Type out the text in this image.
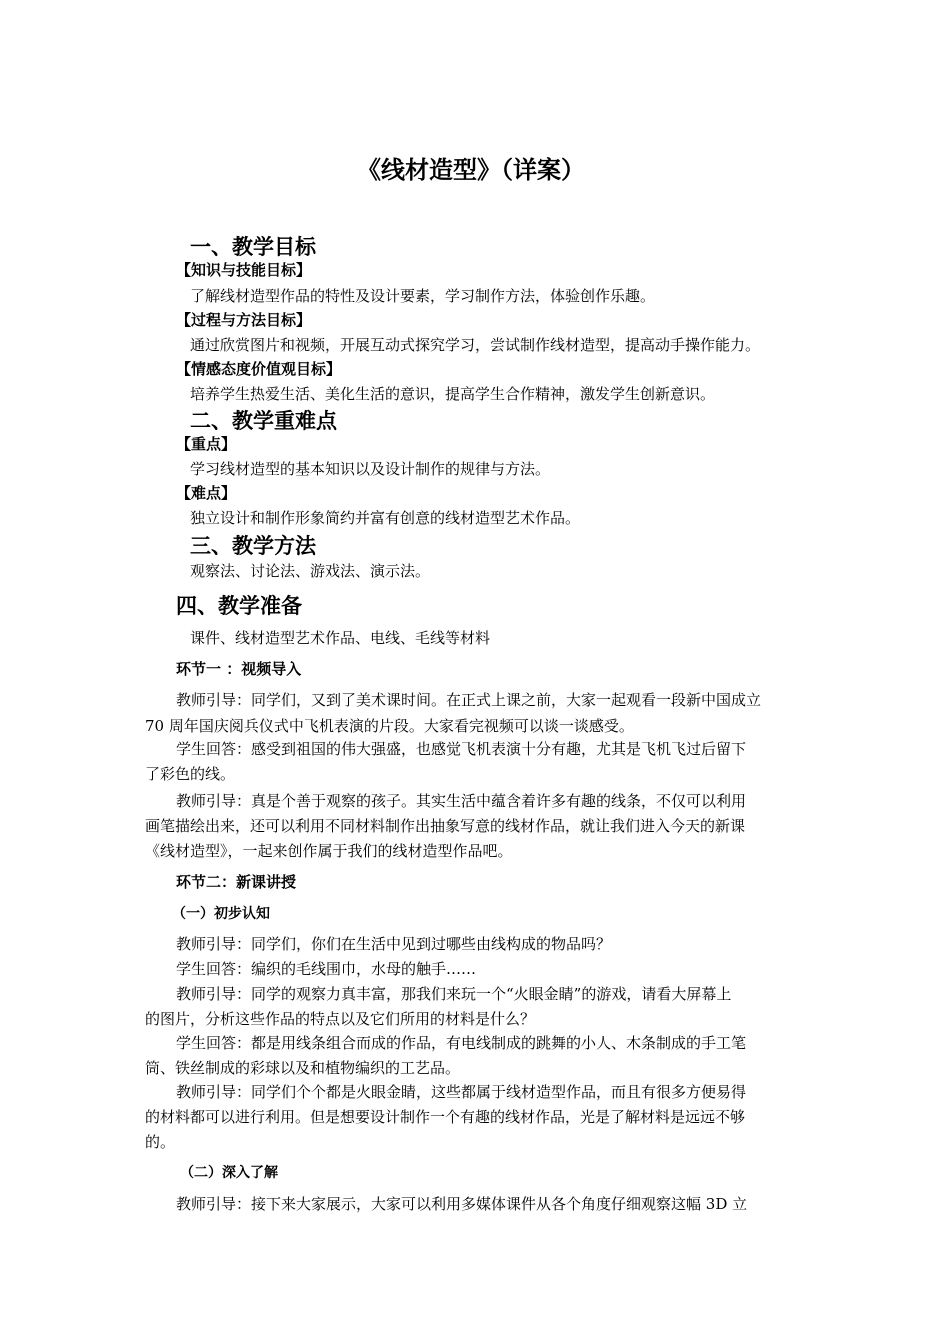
《线材造型》（详案）
一、教学目标
【知识与技能目标】
了解线材造型作品的特性及设计要素，学习制作方法，体验创作乐趣。
【过程与方法目标】
通过欣赏图片和视频，开展互动式探究学习，尝试制作线材造型，提高动手操作能力。
【情感态度价值观目标】
培养学生热爱生活、美化生活的意识，提高学生合作精神，激发学生创新意识。
二、教学重难点
【重点】
学习线材造型的基本知识以及设计制作的规律与方法。
【难点】
独立设计和制作形象简约并富有创意的线材造型艺术作品。
三、教学方法
观察法、讨论法、游戏法、演示法。
四、教学准备
课件、线材造型艺术作品、电线、毛线等材料
环节一 ：视频导入
教师引导：同学们，又到了美术课时间。在正式上课之前，大家一起观看一段新中国成立
70 周年国庆阅兵仪式中飞机表演的片段。大家看完视频可以谈一谈感受。
学生回答：感受到祖国的伟大强盛，也感觉飞机表演十分有趣，尤其是飞机飞过后留下
了彩色的线。
教师引导：真是个善于观察的孩子。其实生活中蕴含着许多有趣的线条，不仅可以利用
画笔描绘出来，还可以利用不同材料制作出抽象写意的线材作品，就让我们进入今天的新课
《线材造型》，一起来创作属于我们的线材造型作品吧。
环节二：新课讲授
（一）初步认知
教师引导：同学们，你们在生活中见到过哪些由线构成的物品吗？
学生回答：编织的毛线围巾，水母的触手……
教师引导：同学的观察力真丰富，那我们来玩一个“火眼金睛”的游戏，请看大屏幕上
的图片，分析这些作品的特点以及它们所用的材料是什么？
学生回答：都是用线条组合而成的作品，有电线制成的跳舞的小人、木条制成的手工笔
筒、铁丝制成的彩球以及和植物编织的工艺品。
教师引导：同学们个个都是火眼金睛，这些都属于线材造型作品，而且有很多方便易得
的材料都可以进行利用。但是想要设计制作一个有趣的线材作品，光是了解材料是远远不够
的。
（二）深入了解
教师引导：接下来大家展示，大家可以利用多媒体课件从各个角度仔细观察这幅 3D 立
